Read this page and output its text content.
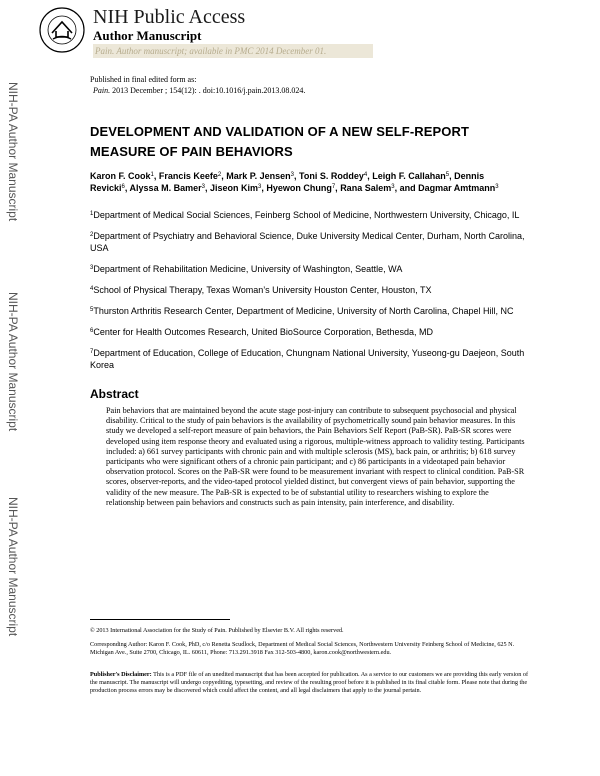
NIH Public Access
Author Manuscript
Pain. Author manuscript; available in PMC 2014 December 01.
Published in final edited form as:
Pain. 2013 December ; 154(12): . doi:10.1016/j.pain.2013.08.024.
NIH-PA Author Manuscript
NIH-PA Author Manuscript
NIH-PA Author Manuscript
DEVELOPMENT AND VALIDATION OF A NEW SELF-REPORT MEASURE OF PAIN BEHAVIORS
Karon F. Cook$^1$, Francis Keefe$^2$, Mark P. Jensen$^3$, Toni S. Roddey$^4$, Leigh F. Callahan$^5$, Dennis Revicki$^6$, Alyssa M. Bamer$^3$, Jiseon Kim$^3$, Hyewon Chung$^7$, Rana Salem$^3$, and Dagmar Amtmann$^3$
$^1$Department of Medical Social Sciences, Feinberg School of Medicine, Northwestern University, Chicago, IL
$^2$Department of Psychiatry and Behavioral Science, Duke University Medical Center, Durham, North Carolina, USA
$^3$Department of Rehabilitation Medicine, University of Washington, Seattle, WA
$^4$School of Physical Therapy, Texas Woman’s University Houston Center, Houston, TX
$^5$Thurston Arthritis Research Center, Department of Medicine, University of North Carolina, Chapel Hill, NC
$^6$Center for Health Outcomes Research, United BioSource Corporation, Bethesda, MD
$^7$Department of Education, College of Education, Chungnam National University, Yuseong-gu Daejeon, South Korea
Abstract
Pain behaviors that are maintained beyond the acute stage post-injury can contribute to subsequent psychosocial and physical disability. Critical to the study of pain behaviors is the availability of psychometrically sound pain behavior measures. In this study we developed a self-report measure of pain behaviors, the Pain Behaviors Self Report (PaB-SR). PaB-SR scores were developed using item response theory and evaluated using a rigorous, multiple-witness approach to validity testing. Participants included: a) 661 survey participants with chronic pain and with multiple sclerosis (MS), back pain, or arthritis; b) 618 survey participants who were significant others of a chronic pain participant; and c) 86 participants in a videotaped pain behavior observation protocol. Scores on the PaB-SR were found to be measurement invariant with respect to clinical condition. PaB-SR scores, observer-reports, and the video-taped protocol yielded distinct, but convergent views of pain behavior, supporting the validity of the new measure. The PaB-SR is expected to be of substantial utility to researchers wishing to explore the relationship between pain behaviors and constructs such as pain intensity, pain interference, and disability.
© 2013 International Association for the Study of Pain. Published by Elsevier B.V. All rights reserved.
Corresponding Author: Karon F. Cook, PhD, c/o Renetta Scudlock, Department of Medical Social Sciences, Northwestern University Feinberg School of Medicine, 625 N. Michigan Ave., Suite 2700, Chicago, IL. 60611, Phone: 713.291.3918 Fax 312-503-4800, karon.cook@northwestern.edu.
Publisher's Disclaimer: This is a PDF file of an unedited manuscript that has been accepted for publication. As a service to our customers we are providing this early version of the manuscript. The manuscript will undergo copyediting, typesetting, and review of the resulting proof before it is published in its final citable form. Please note that during the production process errors may be discovered which could affect the content, and all legal disclaimers that apply to the journal pertain.
